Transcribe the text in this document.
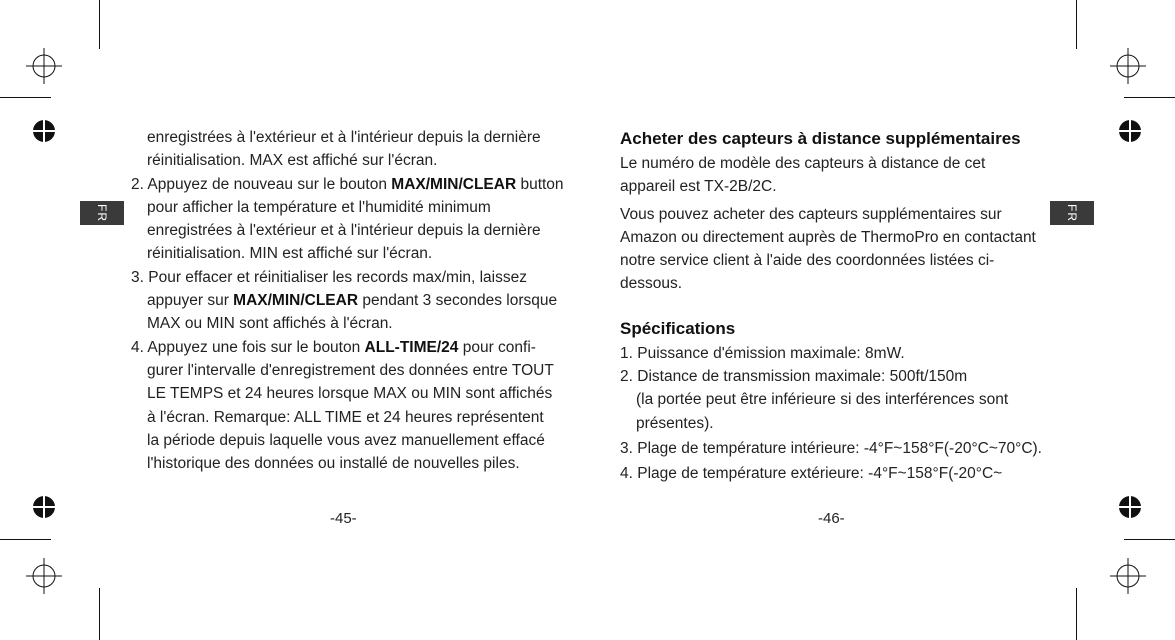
FR	FR

enregistrées à l'extérieur et à l'intérieur depuis la dernière

réinitialisation. MAX est affiché sur l'écran.

2. Appuyez de nouveau sur le bouton MAX/MIN/CLEAR button

pour afficher la température et l'humidité minimum

enregistrées à l'extérieur et à l'intérieur depuis la dernière

réinitialisation. MIN est affiché sur l'écran.

3. Pour effacer et réinitialiser les records max/min, laissez

appuyer sur MAX/MIN/CLEAR pendant 3 secondes lorsque

MAX ou MIN sont affichés à l'écran.

4. Appuyez une fois sur le bouton ALL-TIME/24 pour confi-

gurer l'intervalle d'enregistrement des données entre TOUT

LE TEMPS et 24 heures lorsque MAX ou MIN sont affichés

à l'écran. Remarque: ALL TIME et 24 heures représentent

la période depuis laquelle vous avez manuellement effacé

l'historique des données ou installé de nouvelles piles.

-45-
Acheter des capteurs à distance supplémentaires

Le numéro de modèle des capteurs à distance de cet

appareil est TX-2B/2C.

Vous pouvez acheter des capteurs supplémentaires sur

Amazon ou directement auprès de ThermoPro en contactant

notre service client à l'aide des coordonnées listées ci-

dessous.

Spécifications

1. Puissance d'émission maximale: 8mW.

2. Distance de transmission maximale: 500ft/150m

(la portée peut être inférieure si des interférences sont

présentes).

3. Plage de température intérieure: -4°F~158°F(-20°C~70°C).

4. Plage de température extérieure: -4°F~158°F(-20°C~

-46-
